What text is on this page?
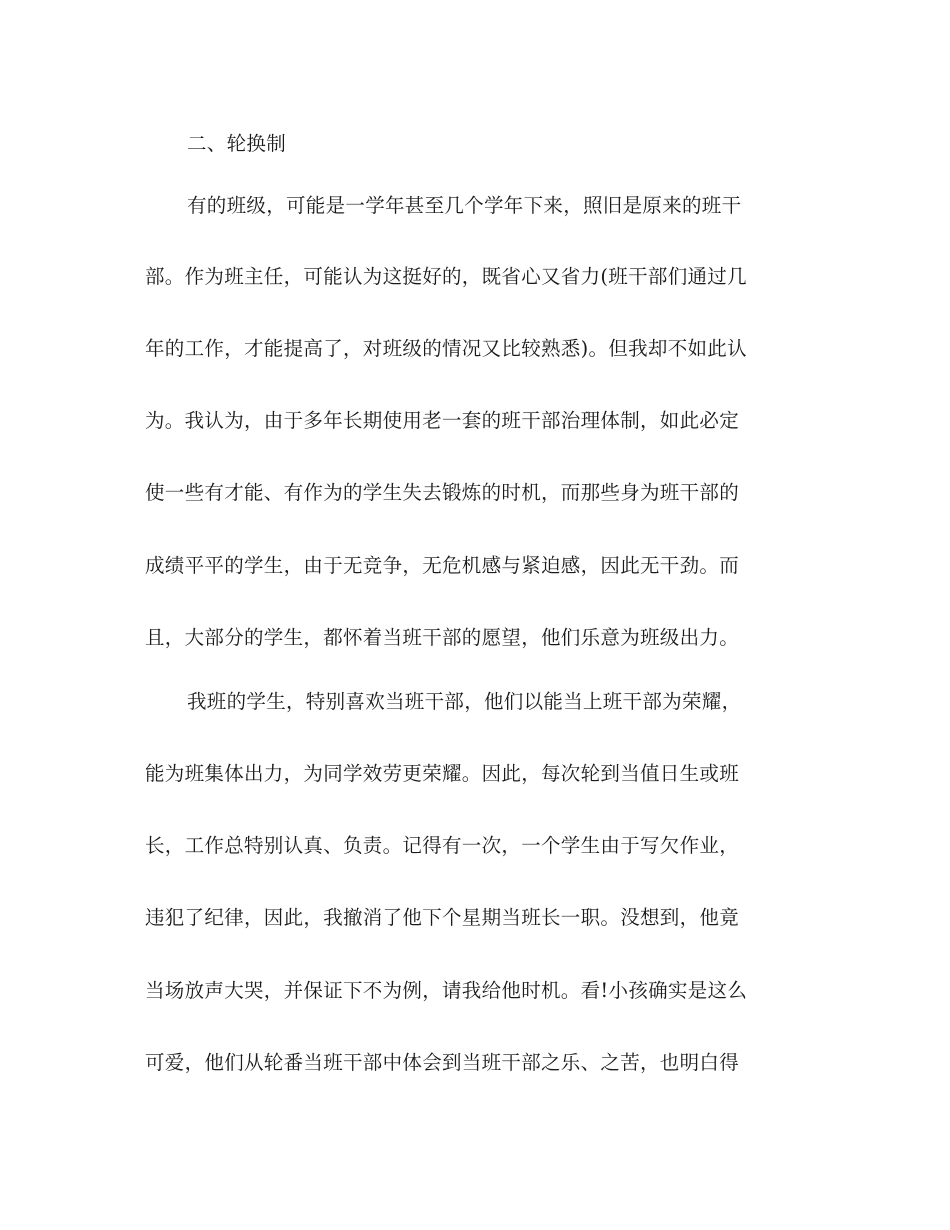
二、轮换制
有的班级，可能是一学年甚至几个学年下来，照旧是原来的班干
部。作为班主任，可能认为这挺好的，既省心又省力(班干部们通过几
年的工作，才能提高了，对班级的情况又比较熟悉)。但我却不如此认
为。我认为，由于多年长期使用老一套的班干部治理体制，如此必定
使一些有才能、有作为的学生失去锻炼的时机，而那些身为班干部的
成绩平平的学生，由于无竞争，无危机感与紧迫感，因此无干劲。而
且，大部分的学生，都怀着当班干部的愿望，他们乐意为班级出力。
我班的学生，特别喜欢当班干部，他们以能当上班干部为荣耀，
能为班集体出力，为同学效劳更荣耀。因此，每次轮到当值日生或班
长，工作总特别认真、负责。记得有一次，一个学生由于写欠作业，
违犯了纪律，因此，我撤消了他下个星期当班长一职。没想到，他竟
当场放声大哭，并保证下不为例，请我给他时机。看!小孩确实是这么
可爱，他们从轮番当班干部中体会到当班干部之乐、之苦，也明白得
